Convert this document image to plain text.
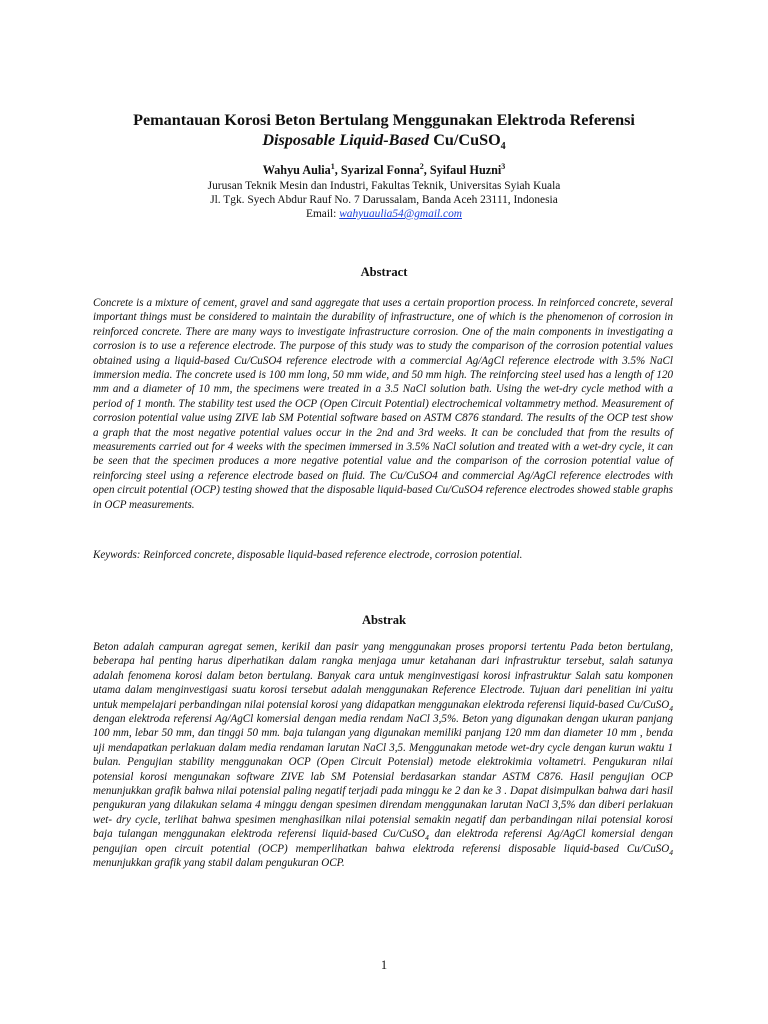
Pemantauan Korosi Beton Bertulang Menggunakan Elektroda Referensi
Disposable Liquid-Based Cu/CuSO$_4$
Wahyu Aulia$^1$, Syarizal Fonna$^2$, Syifaul Huzni$^3$
Jurusan Teknik Mesin dan Industri, Fakultas Teknik, Universitas Syiah Kuala
Jl. Tgk. Syech Abdur Rauf No. 7 Darussalam, Banda Aceh 23111, Indonesia
Email: wahyuaulia54@gmail.com
Abstract
Concrete is a mixture of cement, gravel and sand aggregate that uses a certain proportion process. In reinforced concrete, several important things must be considered to maintain the durability of infrastructure, one of which is the phenomenon of corrosion in reinforced concrete. There are many ways to investigate infrastructure corrosion. One of the main components in investigating a corrosion is to use a reference electrode. The purpose of this study was to study the comparison of the corrosion potential values obtained using a liquid-based Cu/CuSO4 reference electrode with a commercial Ag/AgCl reference electrode with 3.5% NaCl immersion media. The concrete used is 100 mm long, 50 mm wide, and 50 mm high. The reinforcing steel used has a length of 120 mm and a diameter of 10 mm, the specimens were treated in a 3.5 NaCl solution bath. Using the wet-dry cycle method with a period of 1 month. The stability test used the OCP (Open Circuit Potential) electrochemical voltammetry method. Measurement of corrosion potential value using ZIVE lab SM Potential software based on ASTM C876 standard. The results of the OCP test show a graph that the most negative potential values occur in the 2nd and 3rd weeks. It can be concluded that from the results of measurements carried out for 4 weeks with the specimen immersed in 3.5% NaCl solution and treated with a wet-dry cycle, it can be seen that the specimen produces a more negative potential value and the comparison of the corrosion potential value of reinforcing steel using a reference electrode based on fluid. The Cu/CuSO4 and commercial Ag/AgCl reference electrodes with open circuit potential (OCP) testing showed that the disposable liquid-based Cu/CuSO4 reference electrodes showed stable graphs in OCP measurements.
Keywords: Reinforced concrete, disposable liquid-based reference electrode, corrosion potential.
Abstrak
Beton adalah campuran agregat semen, kerikil dan pasir yang menggunakan proses proporsi tertentu Pada beton bertulang, beberapa hal penting harus diperhatikan dalam rangka menjaga umur ketahanan dari infrastruktur tersebut, salah satunya adalah fenomena korosi dalam beton bertulang. Banyak cara untuk menginvestigasi korosi infrastruktur Salah satu komponen utama dalam menginvestigasi suatu korosi tersebut adalah menggunakan Reference Electrode. Tujuan dari penelitian ini yaitu untuk mempelajari perbandingan nilai potensial korosi yang didapatkan menggunakan elektroda referensi liquid-based Cu/CuSO$_4$ dengan elektroda referensi Ag/AgCl komersial dengan media rendam NaCl 3,5%. Beton yang digunakan dengan ukuran panjang 100 mm, lebar 50 mm, dan tinggi 50 mm. baja tulangan yang digunakan memiliki panjang 120 mm dan diameter 10 mm , benda uji mendapatkan perlakuan dalam media rendaman larutan NaCl 3,5. Menggunakan metode wet-dry cycle dengan kurun waktu 1 bulan. Pengujian stability menggunakan OCP (Open Circuit Potensial) metode elektrokimia voltametri. Pengukuran nilai potensial korosi mengunakan software ZIVE lab SM Potensial berdasarkan standar ASTM C876. Hasil pengujian OCP menunjukkan grafik bahwa nilai potensial paling negatif terjadi pada minggu ke 2 dan ke 3 . Dapat disimpulkan bahwa dari hasil pengukuran yang dilakukan selama 4 minggu dengan spesimen direndam menggunakan larutan NaCl 3,5% dan diberi perlakuan wet- dry cycle, terlihat bahwa spesimen menghasilkan nilai potensial semakin negatif dan perbandingan nilai potensial korosi baja tulangan menggunakan elektroda referensi liquid-based Cu/CuSO$_4$ dan elektroda referensi Ag/AgCl komersial dengan pengujian open circuit potential (OCP) memperlihatkan bahwa elektroda referensi disposable liquid-based Cu/CuSO$_4$ menunjukkan grafik yang stabil dalam pengukuran OCP.
1
